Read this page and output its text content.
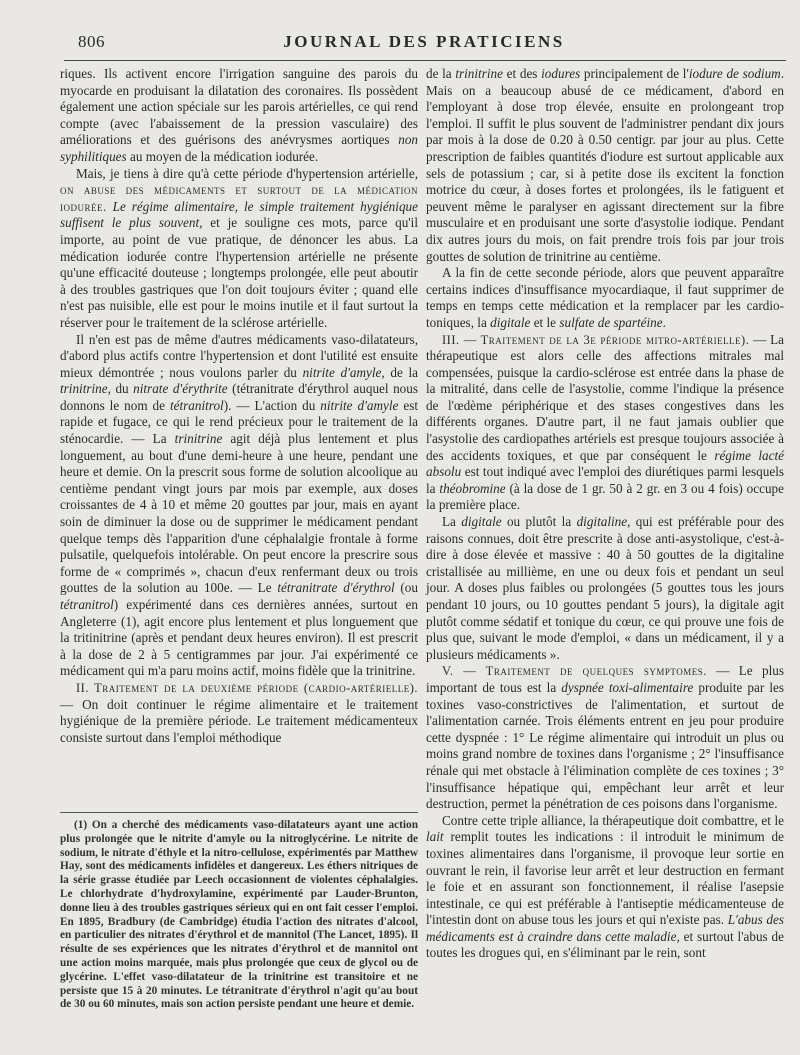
806	JOURNAL DES PRATICIENS

riques. Ils activent encore l'irrigation sanguine des parois du myocarde en produisant la dilatation des coronaires. Ils possèdent également une action spéciale sur les parois artérielles, ce qui rend compte (avec l'abaissement de la pression vasculaire) des améliorations et des guérisons des anévrysmes aortiques non syphilitiques au moyen de la médication iodurée.

Mais, je tiens à dire qu'à cette période d'hypertension artérielle, on abuse des médicaments et surtout de la médication iodurée. Le régime alimentaire, le simple traitement hygiénique suffisent le plus souvent, et je souligne ces mots, parce qu'il importe, au point de vue pratique, de dénoncer les abus. La médication iodurée contre l'hypertension artérielle ne présente qu'une efficacité douteuse ; longtemps prolongée, elle peut aboutir à des troubles gastriques que l'on doit toujours éviter ; quand elle n'est pas nuisible, elle est pour le moins inutile et il faut surtout la réserver pour le traitement de la sclérose artérielle.

Il n'en est pas de même d'autres médicaments vaso-dilatateurs, d'abord plus actifs contre l'hypertension et dont l'utilité est ensuite mieux démontrée ; nous voulons parler du nitrite d'amyle, de la trinitrine, du nitrate d'érythrite (tétranitrate d'érythrol auquel nous donnons le nom de tétranitrol). — L'action du nitrite d'amyle est rapide et fugace, ce qui le rend précieux pour le traitement de la sténocardie. — La trinitrine agit déjà plus lentement et plus longuement, au bout d'une demi-heure à une heure, pendant une heure et demie. On la prescrit sous forme de solution alcoolique au centième pendant vingt jours par mois par exemple, aux doses croissantes de 4 à 10 et même 20 gouttes par jour, mais en ayant soin de diminuer la dose ou de supprimer le médicament pendant quelque temps dès l'apparition d'une céphalalgie frontale à forme pulsatile, quelquefois intolérable. On peut encore la prescrire sous forme de « comprimés », chacun d'eux renfermant deux ou trois gouttes de la solution au 100e. — Le tétranitrate d'érythrol (ou tétranitrol) expérimenté dans ces dernières années, surtout en Angleterre (1), agit encore plus lentement et plus longuement que la tritinitrine (après et pendant deux heures environ). Il est prescrit à la dose de 2 à 5 centigrammes par jour. J'ai expérimenté ce médicament qui m'a paru moins actif, moins fidèle que la trinitrine.

II. Traitement de la deuxième période (cardio-artérielle). — On doit continuer le régime alimentaire et le traitement hygiénique de la première période. Le traitement médicamenteux consiste surtout dans l'emploi méthodique

(1) On a cherché des médicaments vaso-dilatateurs ayant une action plus prolongée que le nitrite d'amyle ou la nitroglycérine. Le nitrite de sodium, le nitrate d'éthyle et la nitro-cellulose, expérimentés par Matthew Hay, sont des médicaments infidèles et dangereux. Les éthers nitriques de la série grasse étudiée par Leech occasionnent de violentes céphalalgies. Le chlorhydrate d'hydroxylamine, expérimenté par Lauder-Brunton, donne lieu à des troubles gastriques sérieux qui en ont fait cesser l'emploi. En 1895, Bradbury (de Cambridge) étudia l'action des nitrates d'alcool, en particulier des nitrates d'érythrol et de mannitol (The Lancet, 1895). Il résulte de ses expériences que les nitrates d'érythrol et de mannitol ont une action moins marquée, mais plus prolongée que ceux de glycol ou de glycérine. L'effet vaso-dilatateur de la trinitrine est transitoire et ne persiste que 15 à 20 minutes. Le tétranitrate d'érythrol n'agit qu'au bout de 30 ou 60 minutes, mais son action persiste pendant une heure et demie.

de la trinitrine et des iodures principalement de l'iodure de sodium. Mais on a beaucoup abusé de ce médicament, d'abord en l'employant à dose trop élevée, ensuite en prolongeant trop l'emploi. Il suffit le plus souvent de l'administrer pendant dix jours par mois à la dose de 0.20 à 0.50 centigr. par jour au plus. Cette prescription de faibles quantités d'iodure est surtout applicable aux sels de potassium ; car, si à petite dose ils excitent la fonction motrice du cœur, à doses fortes et prolongées, ils le fatiguent et peuvent même le paralyser en agissant directement sur la fibre musculaire et en produisant une sorte d'asystolie iodique. Pendant dix autres jours du mois, on fait prendre trois fois par jour trois gouttes de solution de trinitrine au centième.

A la fin de cette seconde période, alors que peuvent apparaître certains indices d'insuffisance myocardiaque, il faut supprimer de temps en temps cette médication et la remplacer par les cardio-toniques, la digitale et le sulfate de spartéine.

III. — Traitement de la 3e période mitro-artérielle). — La thérapeutique est alors celle des affections mitrales mal compensées, puisque la cardio-sclérose est entrée dans la phase de la mitralité, dans celle de l'asystolie, comme l'indique la présence de l'œdème périphérique et des stases congestives dans les différents organes. D'autre part, il ne faut jamais oublier que l'asystolie des cardiopathes artériels est presque toujours associée à des accidents toxiques, et que par conséquent le régime lacté absolu est tout indiqué avec l'emploi des diurétiques parmi lesquels la théobromine (à la dose de 1 gr. 50 à 2 gr. en 3 ou 4 fois) occupe la première place.

La digitale ou plutôt la digitaline, qui est préférable pour des raisons connues, doit être prescrite à dose anti-asystolique, c'est-à-dire à dose élevée et massive : 40 à 50 gouttes de la digitaline cristallisée au millième, en une ou deux fois et pendant un seul jour. A doses plus faibles ou prolongées (5 gouttes tous les jours pendant 10 jours, ou 10 gouttes pendant 5 jours), la digitale agit plutôt comme sédatif et tonique du cœur, ce qui prouve une fois de plus que, suivant le mode d'emploi, « dans un médicament, il y a plusieurs médicaments ».

V. — Traitement de quelques symptomes. — Le plus important de tous est la dyspnée toxi-alimentaire produite par les toxines vaso-constrictives de l'alimentation, et surtout de l'alimentation carnée. Trois éléments entrent en jeu pour produire cette dyspnée : 1° Le régime alimentaire qui introduit un plus ou moins grand nombre de toxines dans l'organisme ; 2° l'insuffisance rénale qui met obstacle à l'élimination complète de ces toxines ; 3° l'insuffisance hépatique qui, empêchant leur arrêt et leur destruction, permet la pénétration de ces poisons dans l'organisme.

Contre cette triple alliance, la thérapeutique doit combattre, et le lait remplit toutes les indications : il introduit le minimum de toxines alimentaires dans l'organisme, il provoque leur sortie en ouvrant le rein, il favorise leur arrêt et leur destruction en fermant le foie et en assurant son fonctionnement, il réalise l'asepsie intestinale, ce qui est préférable à l'antiseptie médicamenteuse de l'intestin dont on abuse tous les jours et qui n'existe pas. L'abus des médicaments est à craindre dans cette maladie, et surtout l'abus de toutes les drogues qui, en s'éliminant par le rein, sont
